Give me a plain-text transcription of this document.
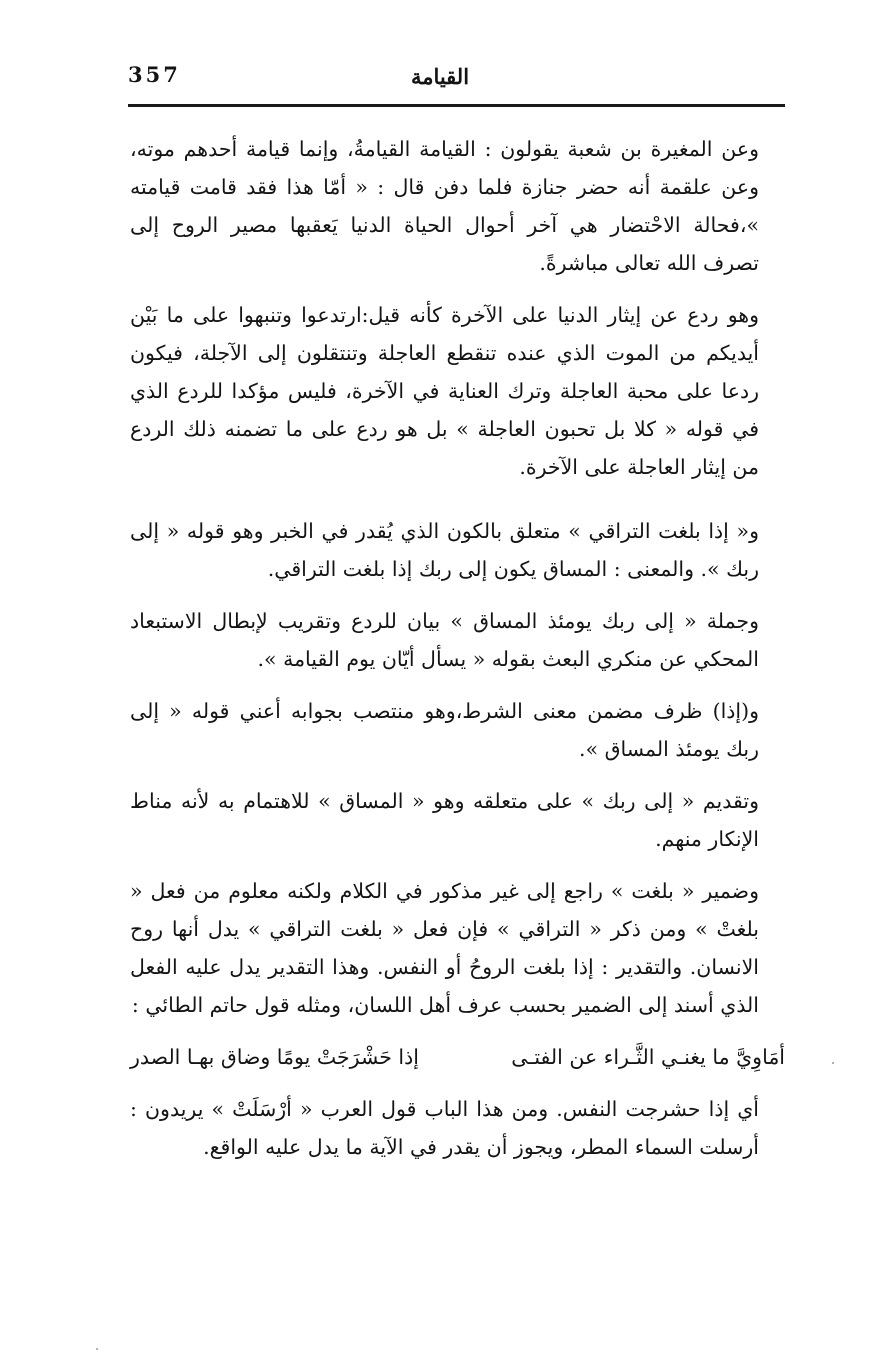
357	القيامة

وعن المغيرة بن شعبة يقولون : القيامة القيامةُ، وإنما قيامة أحدهم موته، وعن علقمة أنه حضر جنازة فلما دفن قال : « أمّا هذا فقد قامت قيامته »،فحالة الاحْتضار هي آخر أحوال الحياة الدنيا يَعقبها مصير الروح إلى تصرف الله تعالى مباشرةً.

وهو ردع عن إيثار الدنيا على الآخرة كأنه قيل:ارتدعوا وتنبهوا على ما بَيْن أيديكم من الموت الذي عنده تنقطع العاجلة وتنتقلون إلى الآجلة، فيكون ردعا على محبة العاجلة وترك العناية في الآخرة، فليس مؤكدا للردع الذي في قوله « كلا بل تحبون العاجلة » بل هو ردع على ما تضمنه ذلك الردع من إيثار العاجلة على الآخرة.

و« إذا بلغت التراقي » متعلق بالكون الذي يُقدر في الخبر وهو قوله « إلى ربك ». والمعنى : المساق يكون إلى ربك إذا بلغت التراقي.

وجملة « إلى ربك يومئذ المساق » بيان للردع وتقريب لإبطال الاستبعاد المحكي عن منكري البعث بقوله « يسأل أيّان يوم القيامة ».

و(إذا) ظرف مضمن معنى الشرط،وهو منتصب بجوابه أعني قوله « إلى ربك يومئذ المساق ».

وتقديم « إلى ربك » على متعلقه وهو « المساق » للاهتمام به لأنه مناط الإنكار منهم.

وضمير « بلغت » راجع إلى غير مذكور في الكلام ولكنه معلوم من فعل « بلغتْ » ومن ذكر « التراقي » فإن فعل « بلغت التراقي » يدل أنها روح الانسان. والتقدير : إذا بلغت الروحُ أو النفس. وهذا التقدير يدل عليه الفعل الذي أسند إلى الضمير بحسب عرف أهل اللسان، ومثله قول حاتم الطائي :

أمَاوِيَّ ما يغنـي الثَّـراء عن الفتـى
إذا حَشْرَجَتْ يومًا وضاق بهـا الصدر

أي إذا حشرجت النفس. ومن هذا الباب قول العرب « أرْسَلَتْ » يريدون : أرسلت السماء المطر، ويجوز أن يقدر في الآية ما يدل عليه الواقع.
